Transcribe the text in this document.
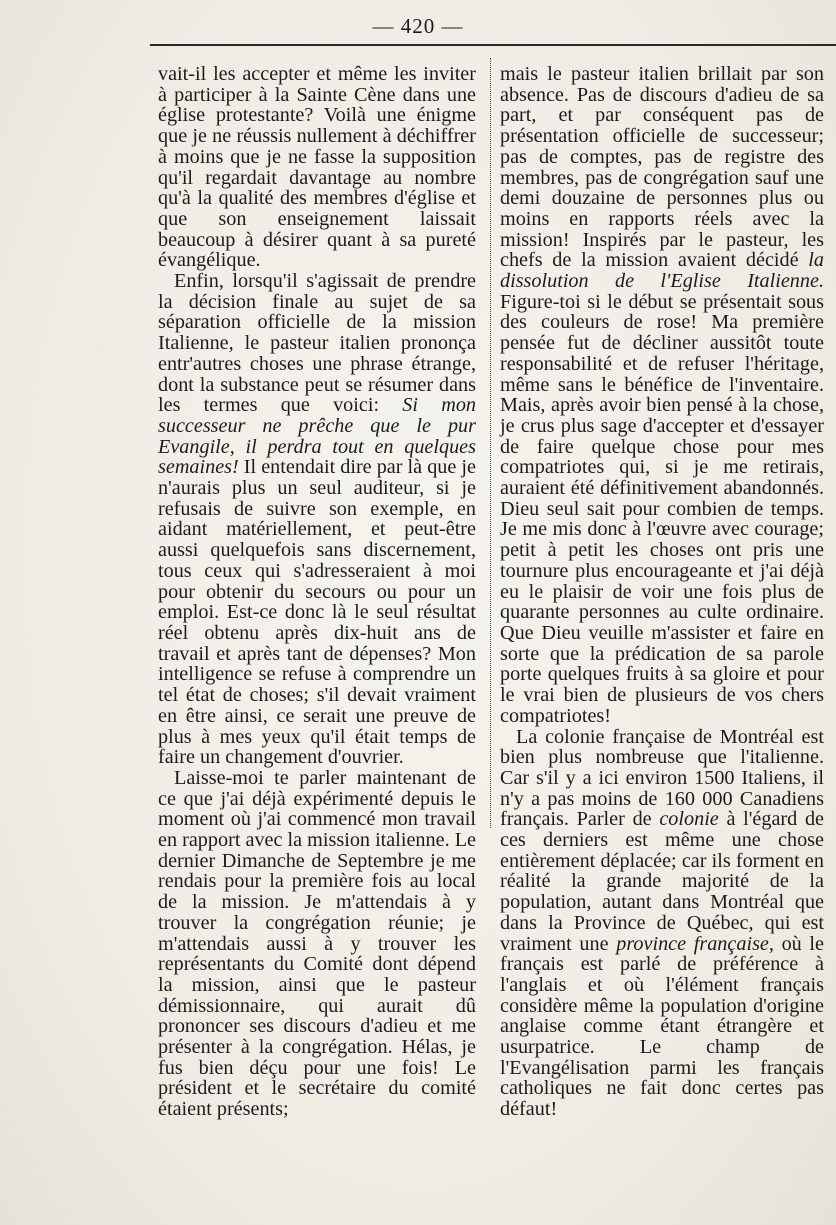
— 420 —

vait-il les accepter et même les inviter à participer à la Sainte Cène dans une église protestante? Voilà une énigme que je ne réussis nullement à déchiffrer à moins que je ne fasse la supposition qu'il regardait davantage au nombre qu'à la qualité des membres d'église et que son enseignement laissait beaucoup à désirer quant à sa pureté évangélique.

Enfin, lorsqu'il s'agissait de prendre la décision finale au sujet de sa séparation officielle de la mission Italienne, le pasteur italien prononça entr'autres choses une phrase étrange, dont la substance peut se résumer dans les termes que voici: Si mon successeur ne prêche que le pur Evangile, il perdra tout en quelques semaines! Il entendait dire par là que je n'aurais plus un seul auditeur, si je refusais de suivre son exemple, en aidant matériellement, et peut-être aussi quelquefois sans discernement, tous ceux qui s'adresseraient à moi pour obtenir du secours ou pour un emploi. Est-ce donc là le seul résultat réel obtenu après dix-huit ans de travail et après tant de dépenses? Mon intelligence se refuse à comprendre un tel état de choses; s'il devait vraiment en être ainsi, ce serait une preuve de plus à mes yeux qu'il était temps de faire un changement d'ouvrier.

Laisse-moi te parler maintenant de ce que j'ai déjà expérimenté depuis le moment où j'ai commencé mon travail en rapport avec la mission italienne. Le dernier Dimanche de Septembre je me rendais pour la première fois au local de la mission. Je m'attendais à y trouver la congrégation réunie; je m'attendais aussi à y trouver les représentants du Comité dont dépend la mission, ainsi que le pasteur démissionnaire, qui aurait dû prononcer ses discours d'adieu et me présenter à la congrégation. Hélas, je fus bien déçu pour une fois! Le président et le secrétaire du comité étaient présents;

mais le pasteur italien brillait par son absence. Pas de discours d'adieu de sa part, et par conséquent pas de présentation officielle de successeur; pas de comptes, pas de registre des membres, pas de congrégation sauf une demi douzaine de personnes plus ou moins en rapports réels avec la mission! Inspirés par le pasteur, les chefs de la mission avaient décidé la dissolution de l'Eglise Italienne. Figure-toi si le début se présentait sous des couleurs de rose! Ma première pensée fut de décliner aussitôt toute responsabilité et de refuser l'héritage, même sans le bénéfice de l'inventaire. Mais, après avoir bien pensé à la chose, je crus plus sage d'accepter et d'essayer de faire quelque chose pour mes compatriotes qui, si je me retirais, auraient été définitivement abandonnés. Dieu seul sait pour combien de temps. Je me mis donc à l'œuvre avec courage; petit à petit les choses ont pris une tournure plus encourageante et j'ai déjà eu le plaisir de voir une fois plus de quarante personnes au culte ordinaire. Que Dieu veuille m'assister et faire en sorte que la prédication de sa parole porte quelques fruits à sa gloire et pour le vrai bien de plusieurs de vos chers compatriotes!

La colonie française de Montréal est bien plus nombreuse que l'italienne. Car s'il y a ici environ 1500 Italiens, il n'y a pas moins de 160 000 Canadiens français. Parler de colonie à l'égard de ces derniers est même une chose entièrement déplacée; car ils forment en réalité la grande majorité de la population, autant dans Montréal que dans la Province de Québec, qui est vraiment une province française, où le français est parlé de préférence à l'anglais et où l'élément français considère même la population d'origine anglaise comme étant étrangère et usurpatrice. Le champ de l'Evangélisation parmi les français catholiques ne fait donc certes pas défaut!
